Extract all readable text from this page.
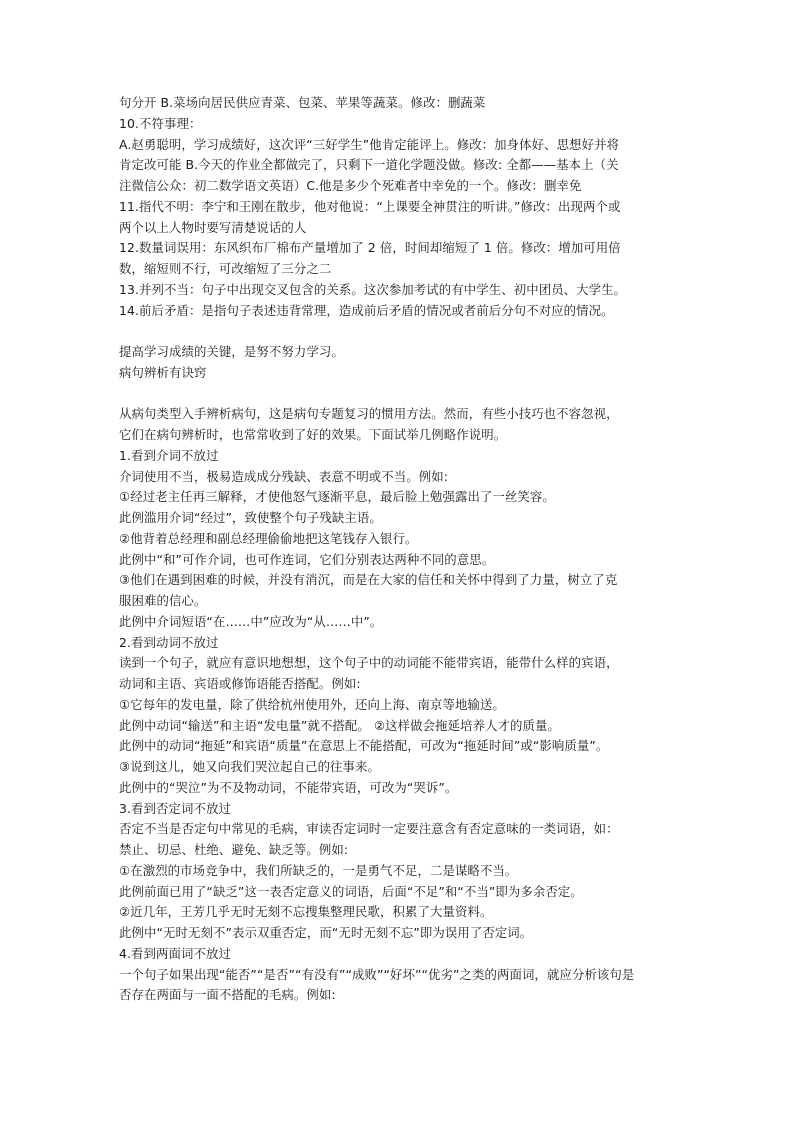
句分开 B.菜场向居民供应青菜、包菜、苹果等蔬菜。修改：删蔬菜
10.不符事理：
A.赵勇聪明，学习成绩好，这次评“三好学生”他肯定能评上。修改：加身体好、思想好并将
肯定改可能 B.今天的作业全都做完了，只剩下一道化学题没做。修改: 全都——基本上（关
注微信公众：初二数学语文英语）C.他是多少个死难者中幸免的一个。修改：删幸免
11.指代不明：李宁和王刚在散步，他对他说：“上课要全神贯注的听讲。”修改：出现两个或
两个以上人物时要写清楚说话的人
12.数量词误用：东风织布厂棉布产量增加了 2 倍，时间却缩短了 1 倍。修改：增加可用倍
数，缩短则不行，可改缩短了三分之二
13.并列不当：句子中出现交叉包含的关系。这次参加考试的有中学生、初中团员、大学生。
14.前后矛盾：是指句子表述违背常理，造成前后矛盾的情况或者前后分句不对应的情况。
提高学习成绩的关键，是努不努力学习。
病句辨析有诀窍
从病句类型入手辨析病句，这是病句专题复习的惯用方法。然而，有些小技巧也不容忽视，
它们在病句辨析时，也常常收到了好的效果。下面试举几例略作说明。
1.看到介词不放过
介词使用不当，极易造成成分残缺、表意不明或不当。例如:
①经过老主任再三解释，才使他怒气逐渐平息，最后脸上勉强露出了一丝笑容。
此例滥用介词“经过”，致使整个句子残缺主语。
②他背着总经理和副总经理偷偷地把这笔钱存入银行。
此例中“和”可作介词，也可作连词，它们分别表达两种不同的意思。
③他们在遇到困难的时候，并没有消沉，而是在大家的信任和关怀中得到了力量，树立了克
服困难的信心。
此例中介词短语“在……中”应改为“从……中”。
2.看到动词不放过
读到一个句子，就应有意识地想想，这个句子中的动词能不能带宾语，能带什么样的宾语，
动词和主语、宾语或修饰语能否搭配。例如:
①它每年的发电量，除了供给杭州使用外，还向上海、南京等地输送。
此例中动词“输送”和主语“发电量”就不搭配。 ②这样做会拖延培养人才的质量。
此例中的动词“拖延”和宾语“质量”在意思上不能搭配，可改为“拖延时间”或“影响质量”。
③说到这儿，她又向我们哭泣起自己的往事来。
此例中的“哭泣”为不及物动词，不能带宾语，可改为“哭诉”。
3.看到否定词不放过
否定不当是否定句中常见的毛病，审读否定词时一定要注意含有否定意味的一类词语，如：
禁止、切忌、杜绝、避免、缺乏等。例如:
①在激烈的市场竞争中，我们所缺乏的，一是勇气不足，二是谋略不当。
此例前面已用了“缺乏”这一表否定意义的词语，后面“不足”和“不当”即为多余否定。
②近几年，王芳几乎无时无刻不忘搜集整理民歌，积累了大量资料。
此例中“无时无刻不”表示双重否定，而“无时无刻不忘”即为误用了否定词。
4.看到两面词不放过
一个句子如果出现“能否”“是否”“有没有”“成败”“好坏”“优劣”之类的两面词，就应分析该句是
否存在两面与一面不搭配的毛病。例如:
